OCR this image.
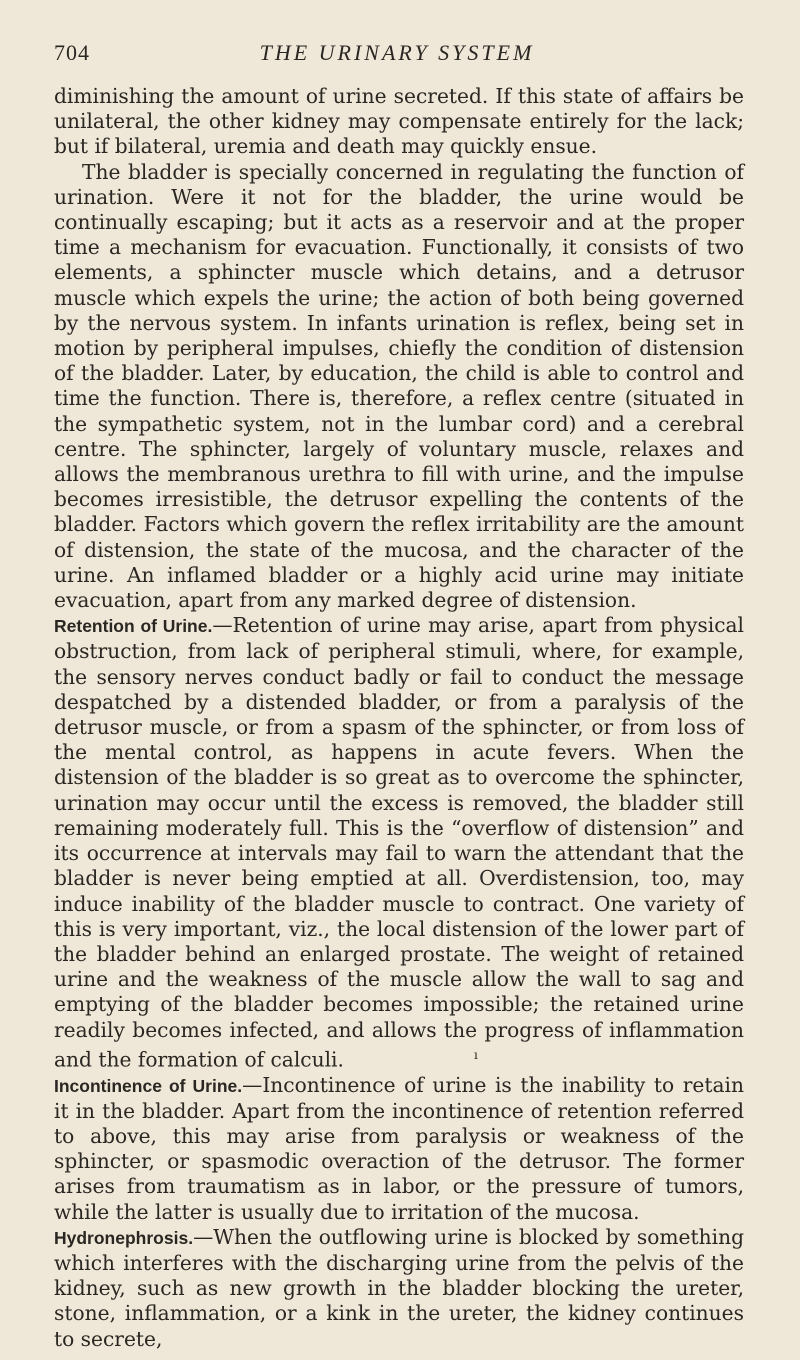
704	THE URINARY SYSTEM

diminishing the amount of urine secreted. If this state of affairs be unilateral, the other kidney may compensate entirely for the lack; but if bilateral, uremia and death may quickly ensue.

The bladder is specially concerned in regulating the function of urination. Were it not for the bladder, the urine would be continually escaping; but it acts as a reservoir and at the proper time a mechanism for evacuation. Functionally, it consists of two elements, a sphincter muscle which detains, and a detrusor muscle which expels the urine; the action of both being governed by the nervous system. In infants urination is reflex, being set in motion by peripheral impulses, chiefly the condition of distension of the bladder. Later, by education, the child is able to control and time the function. There is, therefore, a reflex centre (situated in the sympathetic system, not in the lumbar cord) and a cerebral centre. The sphincter, largely of voluntary muscle, relaxes and allows the membranous urethra to fill with urine, and the impulse becomes irresistible, the detrusor expelling the contents of the bladder. Factors which govern the reflex irritability are the amount of distension, the state of the mucosa, and the character of the urine. An inflamed bladder or a highly acid urine may initiate evacuation, apart from any marked degree of distension.

Retention of Urine.—Retention of urine may arise, apart from physical obstruction, from lack of peripheral stimuli, where, for example, the sensory nerves conduct badly or fail to conduct the message despatched by a distended bladder, or from a paralysis of the detrusor muscle, or from a spasm of the sphincter, or from loss of the mental control, as happens in acute fevers. When the distension of the bladder is so great as to overcome the sphincter, urination may occur until the excess is removed, the bladder still remaining moderately full. This is the “overflow of distension” and its occurrence at intervals may fail to warn the attendant that the bladder is never being emptied at all. Overdistension, too, may induce inability of the bladder muscle to contract. One variety of this is very important, viz., the local distension of the lower part of the bladder behind an enlarged prostate. The weight of retained urine and the weakness of the muscle allow the wall to sag and emptying of the bladder becomes impossible; the retained urine readily becomes infected, and allows the progress of inflammation and the formation of calculi.	$^ı$

Incontinence of Urine.—Incontinence of urine is the inability to retain it in the bladder. Apart from the incontinence of retention referred to above, this may arise from paralysis or weakness of the sphincter, or spasmodic overaction of the detrusor. The former arises from traumatism as in labor, or the pressure of tumors, while the latter is usually due to irritation of the mucosa.

Hydronephrosis.—When the outflowing urine is blocked by something which interferes with the discharging urine from the pelvis of the kidney, such as new growth in the bladder blocking the ureter, stone, inflammation, or a kink in the ureter, the kidney continues to secrete,
